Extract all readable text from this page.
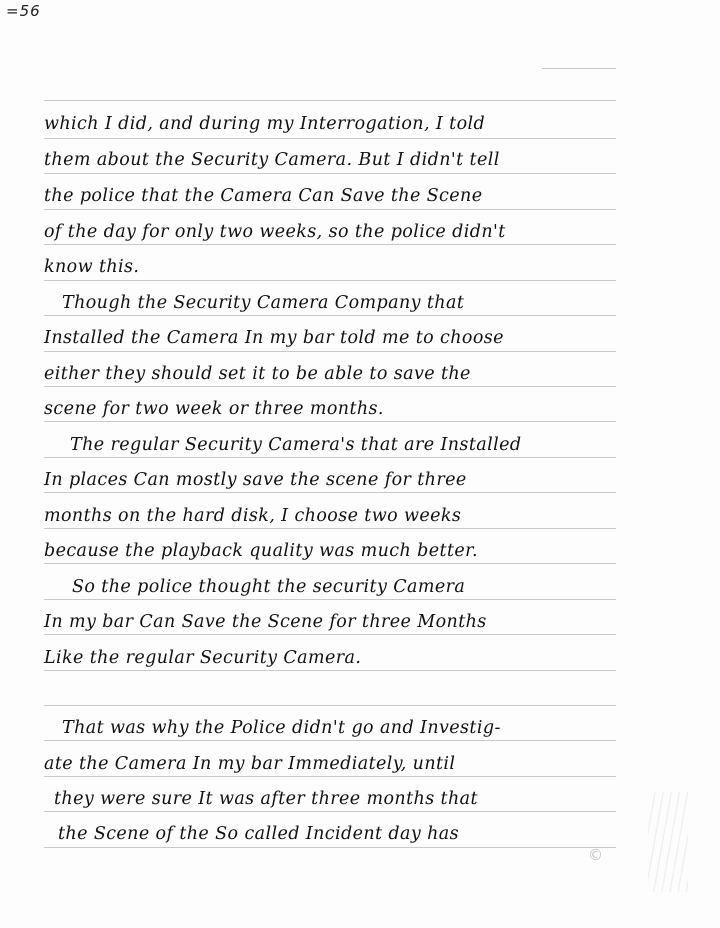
=56
which I did, and during my Interrogation, I told
them about the Security Camera. But I didn't tell
the police that the Camera Can Save the Scene
of the day for only two weeks, so the police didn't
know this.
Though the Security Camera Company that
Installed the Camera In my bar told me to choose
either they should set it to be able to save the
scene for two week or three months.
The regular Security Camera's that are Installed
In places Can mostly save the scene for three
months on the hard disk, I choose two weeks
because the playback quality was much better.
So the police thought the security Camera
In my bar Can Save the Scene for three Months
Like the regular Security Camera.
That was why the Police didn't go and Investig-
ate the Camera In my bar Immediately, until
they were sure It was after three months that
the Scene of the So called Incident day has
©
